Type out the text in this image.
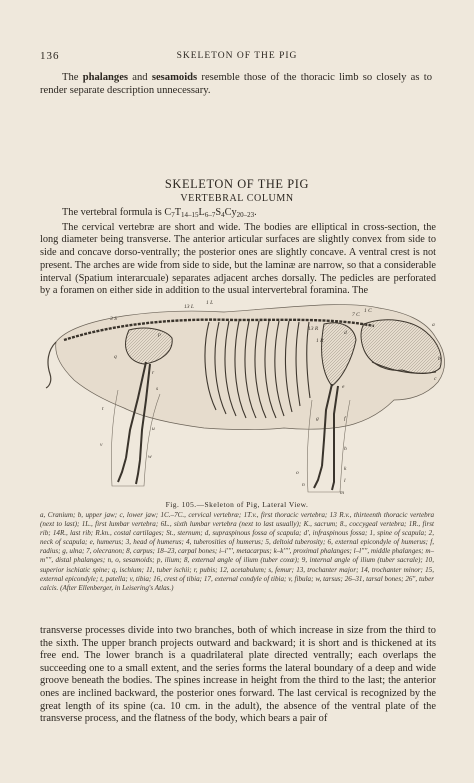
136	SKELETON OF THE PIG
The phalanges and sesamoids resemble those of the thoracic limb so closely as to render separate description unnecessary.
SKELETON OF THE PIG
VERTEBRAL COLUMN
The vertebral formula is $C_7T_{14-15}L_{6-7}S_4Cy_{20-23}$.
The cervical vertebræ are short and wide. The bodies are elliptical in cross-section, the long diameter being transverse. The anterior articular surfaces are slightly convex from side to side and concave dorso-ventrally; the posterior ones are slightly concave. A ventral crest is not present. The arches are wide from side to side, but the laminæ are narrow, so that a considerable interval (Spatium interarcuale) separates adjacent arches dorsally. The pedicles are perforated by a foramen on either side in addition to the usual intervertebral foramina. The
13 L
1 L
3 S
7 C
1 C
13 R
1 R
a
b
c
d
e
f
g
h
k
l
m
n
o
p
q
r
s
t
u
v
w
Fig. 105.—Skeleton of Pig, Lateral View.
a, Cranium; b, upper jaw; c, lower jaw; 1C.–7C., cervical vertebræ; 1T.v., first thoracic vertebra; 13 R.v., thirteenth thoracic vertebra (next to last); 1L., first lumbar vertebra; 6L., sixth lumbar vertebra (next to last usually); K., sacrum; 8., coccygeal vertebra; 1R., first rib; 14R., last rib; R.kn., costal cartilages; St., sternum; d, supraspinous fossa of scapula; d′, infraspinous fossa; 1, spine of scapula; 2, neck of scapula; e, humerus; 3, head of humerus; 4, tuberosities of humerus; 5, deltoid tuberosity; 6, external epicondyle of humerus; f, radius; g, ulna; 7, olecranon; 8, carpus; 18–23, carpal bones; i–i′′′′, metacarpus; k–k′′′′, proximal phalanges; l–l′′′′, middle phalanges; m–m′′′′, distal phalanges; n, o, sesamoids; p, ilium; 8, external angle of ilium (tuber coxæ); 9, internal angle of ilium (tuber sacrale); 10, superior ischiatic spine; q, ischium; 11, tuber ischii; r, pubis; 12, acetabulum; s, femur; 13, trochanter major; 14, trochanter minor; 15, external epicondyle; t, patella; v, tibia; 16, crest of tibia; 17, external condyle of tibia; v, fibula; w, tarsus; 26–31, tarsal bones; 26″, tuber calcis. (After Ellenberger, in Leisering's Atlas.)
transverse processes divide into two branches, both of which increase in size from the third to the sixth. The upper branch projects outward and backward; it is short and is thickened at its free end. The lower branch is a quadrilateral plate directed ventrally; each overlaps the succeeding one to a small extent, and the series forms the lateral boundary of a deep and wide groove beneath the bodies. The spines increase in height from the third to the last; the anterior ones are inclined backward, the posterior ones forward. The last cervical is recognized by the great length of its spine (ca. 10 cm. in the adult), the absence of the ventral plate of the transverse process, and the flatness of the body, which bears a pair of
